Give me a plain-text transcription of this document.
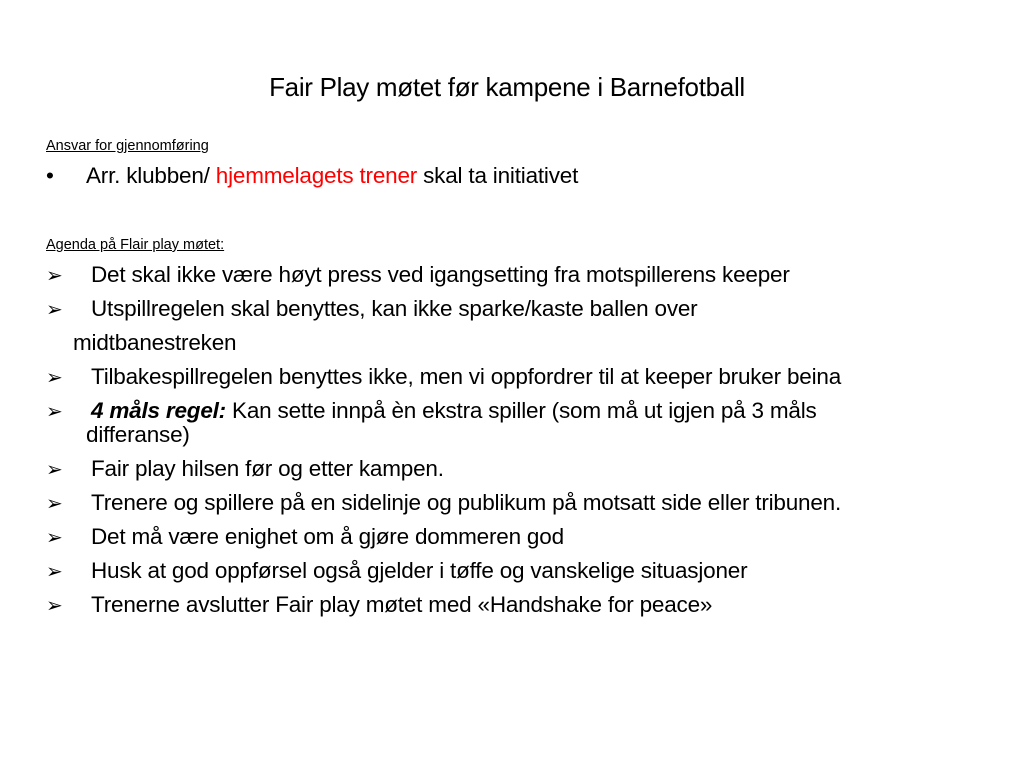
Fair Play møtet før kampene i Barnefotball
Ansvar for gjennomføring
• Arr. klubben/ hjemmelagets trener skal ta initiativet
Agenda på Flair play møtet:
➢ Det skal ikke være høyt press ved igangsetting fra motspillerens keeper
➢ Utspillregelen skal benyttes, kan ikke sparke/kaste ballen over
midtbanestreken
➢ Tilbakespillregelen benyttes ikke, men vi oppfordrer til at keeper bruker beina
➢ 4 måls regel: Kan sette innpå èn ekstra spiller (som må ut igjen på 3 måls
differanse)
➢ Fair play hilsen før og etter kampen.
➢ Trenere og spillere på en sidelinje og publikum på motsatt side eller tribunen.
➢ Det må være enighet om å gjøre dommeren god
➢ Husk at god oppførsel også gjelder i tøffe og vanskelige situasjoner
➢ Trenerne avslutter Fair play møtet med «Handshake for peace»
